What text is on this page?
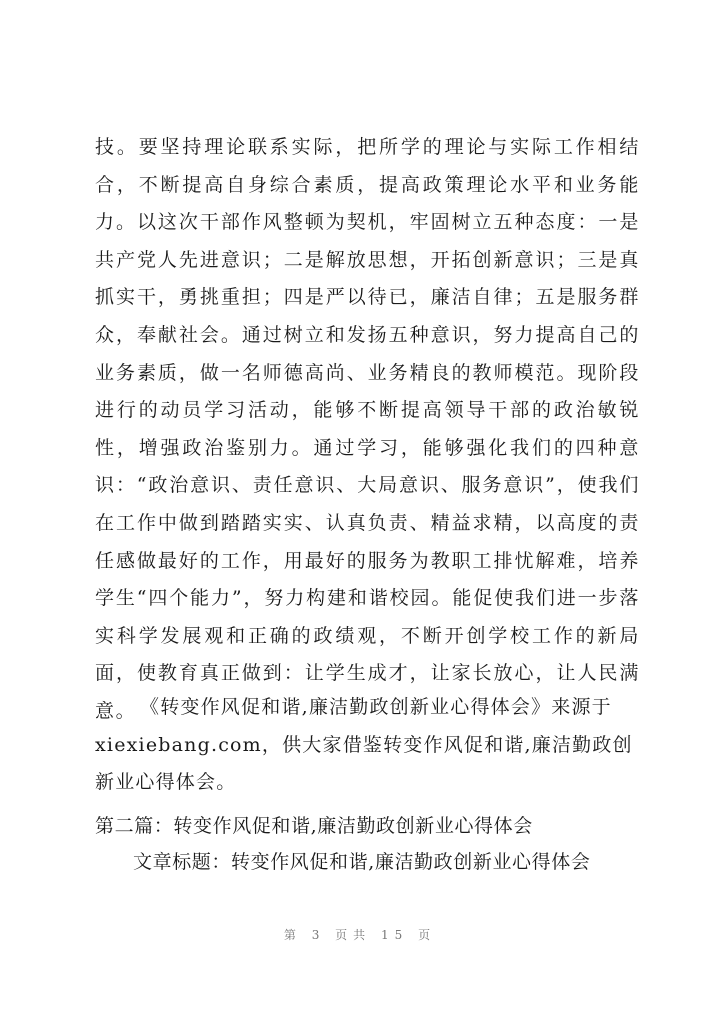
技。要坚持理论联系实际，把所学的理论与实际工作相结合，不断提高自身综合素质，提高政策理论水平和业务能力。以这次干部作风整顿为契机，牢固树立五种态度：一是共产党人先进意识；二是解放思想，开拓创新意识；三是真抓实干，勇挑重担；四是严以待已，廉洁自律；五是服务群众，奉献社会。通过树立和发扬五种意识，努力提高自己的业务素质，做一名师德高尚、业务精良的教师模范。现阶段进行的动员学习活动，能够不断提高领导干部的政治敏锐性，增强政治鉴别力。通过学习，能够强化我们的四种意识：“政治意识、责任意识、大局意识、服务意识”，使我们在工作中做到踏踏实实、认真负责、精益求精，以高度的责任感做最好的工作，用最好的服务为教职工排忧解难，培养学生“四个能力”，努力构建和谐校园。能促使我们进一步落实科学发展观和正确的政绩观，不断开创学校工作的新局面，使教育真正做到：让学生成才，让家长放心，让人民满意。 《转变作风促和谐,廉洁勤政创新业心得体会》来源于xiexiebang.com，供大家借鉴转变作风促和谐,廉洁勤政创新业心得体会。

第二篇：转变作风促和谐,廉洁勤政创新业心得体会

文章标题：转变作风促和谐,廉洁勤政创新业心得体会

第 3 页共 15 页
